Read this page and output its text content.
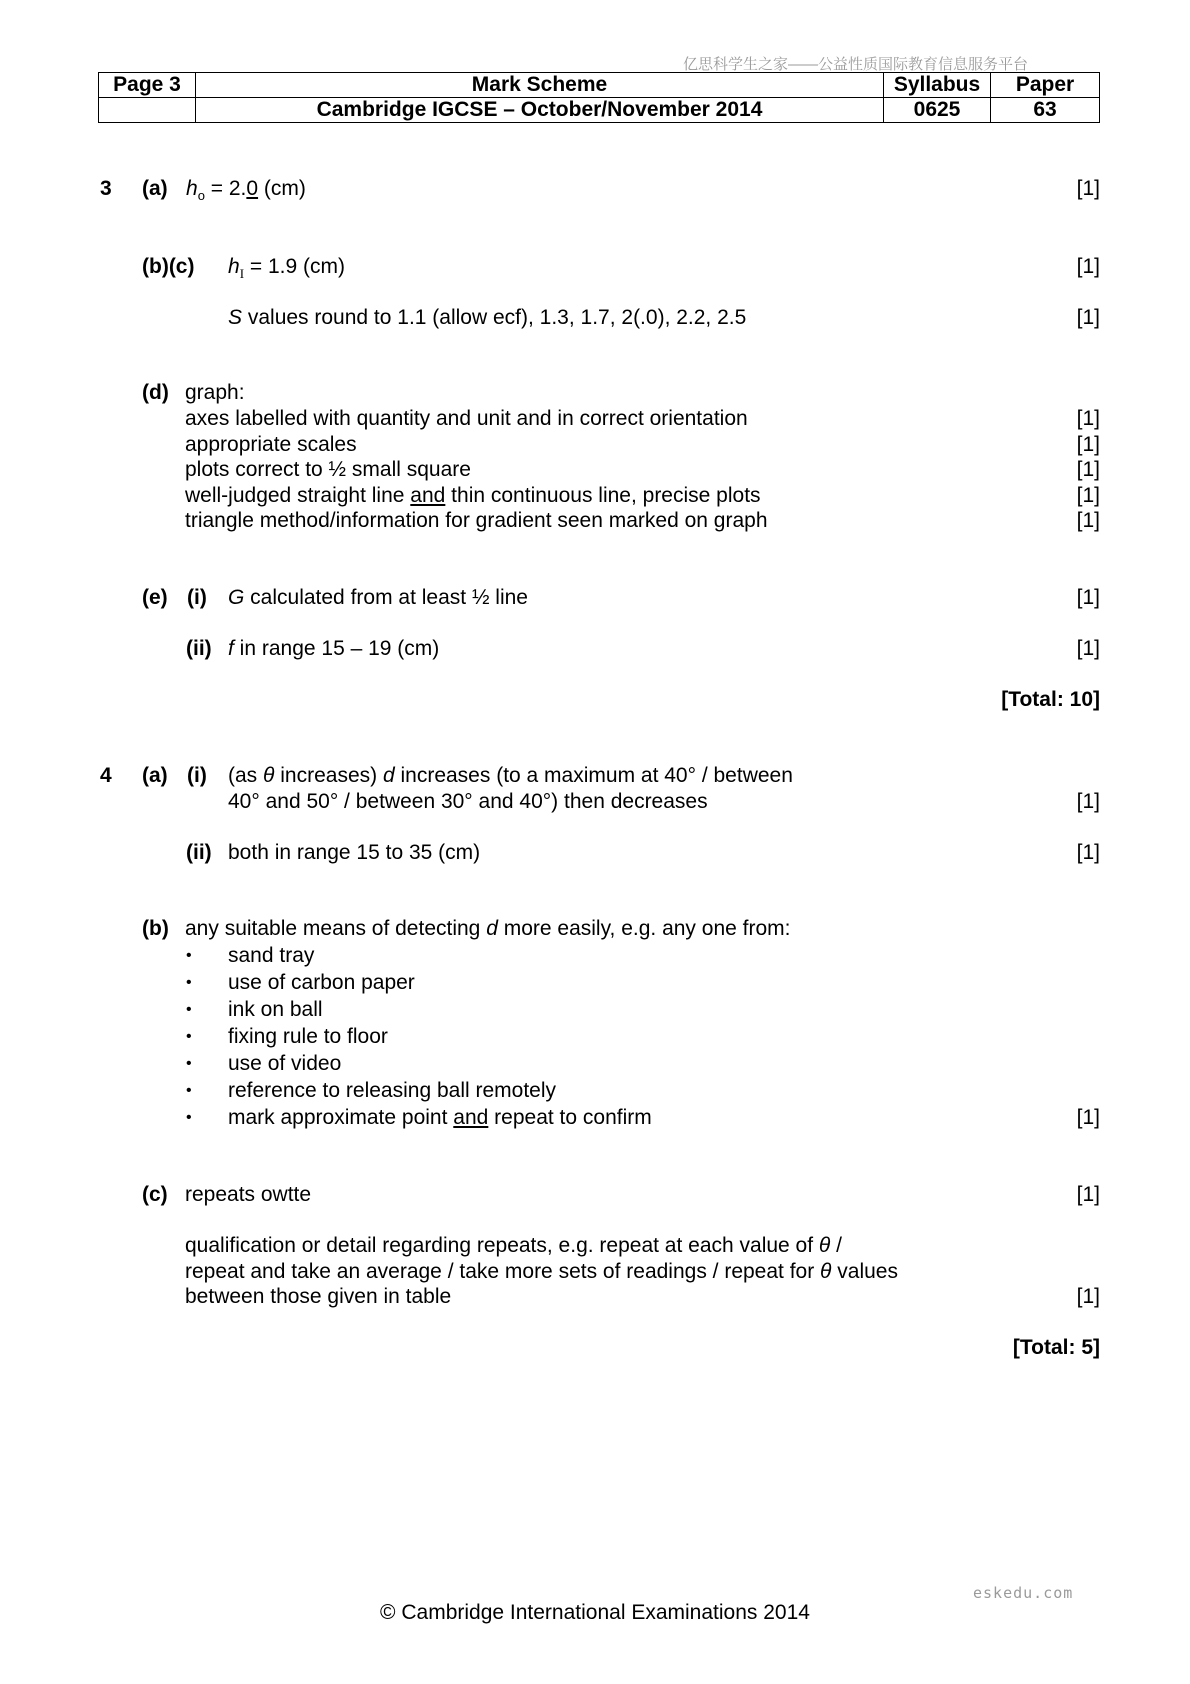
亿思科学生之家——公益性质国际教育信息服务平台
Page 3	Mark Scheme	Syllabus	Paper
	Cambridge IGCSE – October/November 2014	0625	63
3 (a) $h_o = 2.0$ (cm)	[1]
(b)(c) $h_I = 1.9$ (cm)	[1]
S values round to 1.1 (allow ecf), 1.3, 1.7, 2(.0), 2.2, 2.5	[1]
(d) graph:
axes labelled with quantity and unit and in correct orientation	[1]
appropriate scales	[1]
plots correct to ½ small square	[1]
well-judged straight line and thin continuous line, precise plots	[1]
triangle method/information for gradient seen marked on graph	[1]
(e) (i) G calculated from at least ½ line	[1]
(ii) f in range 15 – 19 (cm)	[1]
[Total: 10]
4 (a) (i) (as θ increases) d increases (to a maximum at 40° / between
40° and 50° / between 30° and 40°) then decreases	[1]
(ii) both in range 15 to 35 (cm)	[1]
(b) any suitable means of detecting d more easily, e.g. any one from:
• sand tray
• use of carbon paper
• ink on ball
• fixing rule to floor
• use of video
• reference to releasing ball remotely
• mark approximate point and repeat to confirm	[1]
(c) repeats owtte	[1]
qualification or detail regarding repeats, e.g. repeat at each value of θ /
repeat and take an average / take more sets of readings / repeat for θ values
between those given in table	[1]
[Total: 5]
eskedu.com
© Cambridge International Examinations 2014
